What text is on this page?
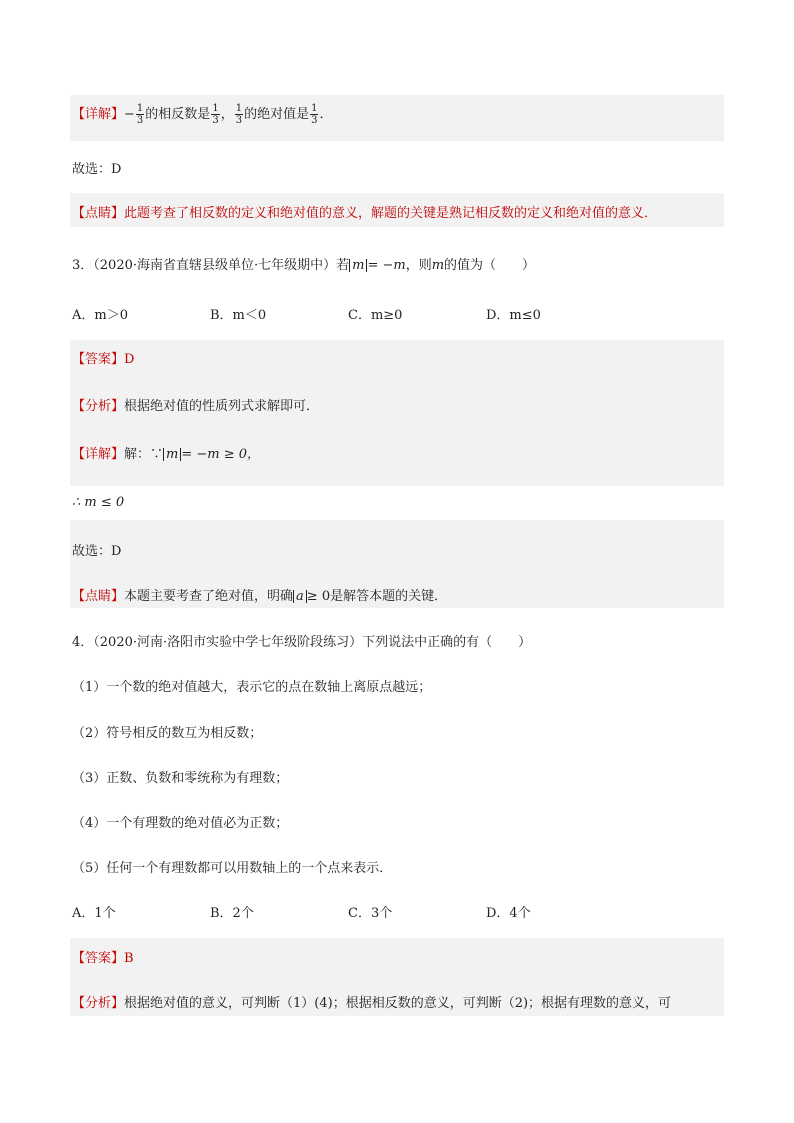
【详解】− $\frac{1}{3}$ 的相反数是 $\frac{1}{3}$ ， $\frac{1}{3}$ 的绝对值是 $\frac{1}{3}$ ．
故选：D
【点睛】此题考查了相反数的定义和绝对值的意义，解题的关键是熟记相反数的定义和绝对值的意义．
3．（2020·海南省直辖县级单位·七年级期中）若 m = −m，则m的值为（　　）
A．m＞0	B．m＜0	C．m≥0	D．m≤0
【答案】D
【分析】根据绝对值的性质列式求解即可．
【详解】解：∵ m = −m ≥ 0，
∴ m ≤ 0
故选：D
【点睛】本题主要考查了绝对值，明确 a ≥ 0是解答本题的关键．
4．（2020·河南·洛阳市实验中学七年级阶段练习）下列说法中正确的有（　　）
（1）一个数的绝对值越大，表示它的点在数轴上离原点越远；
（2）符号相反的数互为相反数；
（3）正数、负数和零统称为有理数；
（4）一个有理数的绝对值必为正数；
（5）任何一个有理数都可以用数轴上的一个点来表示．
A．1个	B．2个	C．3个	D．4个
【答案】B
【分析】根据绝对值的意义，可判断（1）(4)；根据相反数的意义，可判断（2)；根据有理数的意义，可
